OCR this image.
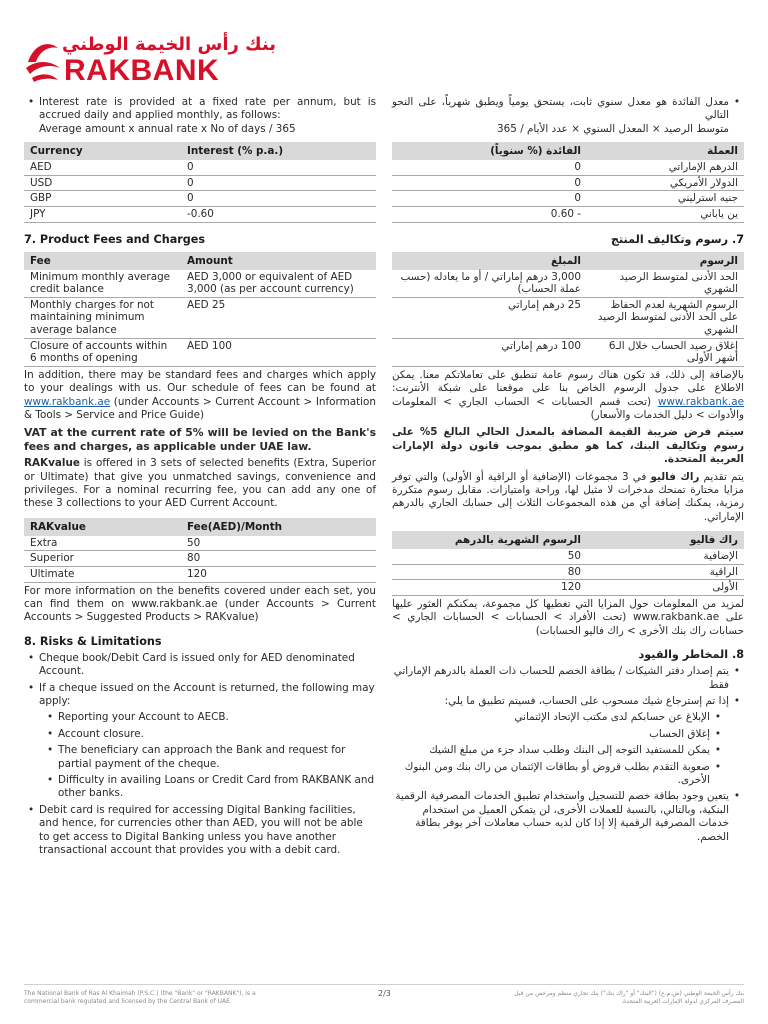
بنك رأس الخيمة الوطني
RAKBANK
• Interest rate is provided at a fixed rate per annum, but is accrued daily and applied monthly, as follows:
Average amount x annual rate x No of days / 365
Currency	Interest (% p.a.)
AED	0
USD	0
GBP	0
JPY	-0.60
7. Product Fees and Charges
Fee	Amount
Minimum monthly average credit balance	AED 3,000 or equivalent of AED 3,000 (as per account currency)
Monthly charges for not maintaining minimum average balance	AED 25
Closure of accounts within 6 months of opening	AED 100

In addition, there may be standard fees and charges which apply to your dealings with us. Our schedule of fees can be found at www.rakbank.ae (under Accounts > Current Account > Information & Tools > Service and Price Guide)

VAT at the current rate of 5% will be levied on the Bank's fees and charges, as applicable under UAE law.

RAKvalue is offered in 3 sets of selected benefits (Extra, Superior or Ultimate) that give you unmatched savings, convenience and privileges. For a nominal recurring fee, you can add any one of these 3 collections to your AED Current Account.

RAKvalue	Fee(AED)/Month
Extra	50
Superior	80
Ultimate	120

For more information on the benefits covered under each set, you can find them on www.rakbank.ae (under Accounts > Current Accounts > Suggested Products > RAKvalue)

8. Risks & Limitations
• Cheque book/Debit Card is issued only for AED denominated Account.
• If a cheque issued on the Account is returned, the following may apply:
• Reporting your Account to AECB.
• Account closure.
• The beneficiary can approach the Bank and request for partial payment of the cheque.
• Difficulty in availing Loans or Credit Card from RAKBANK and other banks.
• Debit card is required for accessing Digital Banking facilities, and hence, for currencies other than AED, you will not be able to get access to Digital Banking unless you have another transactional account that provides you with a debit card.
• معدل الفائدة هو معدل سنوي ثابت، يستحق يومياً ويطبق شهرياً، على النحو التالي
متوسط الرصيد × المعدل السنوي × عدد الأيام / 365
العملة	الفائدة (% سنوياً)
الدرهم الإماراتي	0
الدولار الأمريكي	0
جنيه استرليني	0
ين ياباني	- 0.60
7. رسوم وتكاليف المنتج
الرسوم	المبلغ
الحد الأدنى لمتوسط الرصيد الشهري	3,000 درهم إماراتي / أو ما يعادله (حسب عملة الحساب)
الرسوم الشهرية لعدم الحفاظ على الحد الأدنى لمتوسط الرصيد الشهري	25 درهم إماراتي
إغلاق رصيد الحساب خلال الـ6 أشهر الأولى	100 درهم إماراتي

بالإضافة إلى ذلك، قد تكون هناك رسوم عامة تنطبق على تعاملاتكم معنا. يمكن الاطلاع على جدول الرسوم الخاص بنا على موقعنا على شبكة الأنترنت: www.rakbank.ae (تحت قسم الحسابات > الحساب الجاري > المعلومات والأدوات > دليل الخدمات والأسعار)

سيتم فرض ضريبة القيمة المضافة بالمعدل الحالي البالغ 5% على رسوم وتكاليف البنك، كما هو مطبق بموجب قانون دولة الإمارات العربية المتحدة.

يتم تقديم راك فاليو في 3 مجموعات (الإضافية أو الراقية أو الأولى) والتي توفر مزايا مختارة تمنحك مدخرات لا مثيل لها، وراحة وامتيازات. مقابل رسوم متكررة رمزية، يمكنك إضافة أي من هذه المجموعات الثلاث إلى حسابك الجاري بالدرهم الإماراتي.

راك فاليو	الرسوم الشهرية بالدرهم
الإضافية	50
الراقية	80
الأولى	120

لمزيد من المعلومات حول المزايا التي تغطيها كل مجموعة، يمكنكم العثور عليها على www.rakbank.ae (تحت الأفراد > الحسابات > الحسابات الجاري > حسابات راك بنك الأخرى > راك فاليو الحسابات)

8. المخاطر والقيود
• يتم إصدار دفتر الشيكات / بطاقة الخصم للحساب ذات العملة بالدرهم الإماراتي فقط
• إذا تم إسترجاع شيك مسحوب على الحساب، فسيتم تطبيق ما يلي:
• الإبلاغ عن حسابكم لدى مكتب الإتحاد الإئتماني
• إغلاق الحساب
• يمكن للمستفيد التوجه إلى البنك وطلب سداد جزء من مبلغ الشيك
• صعوبة التقدم بطلب قروض أو بطاقات الإئتمان من راك بنك ومن البنوك الأخرى.
• يتعين وجود بطاقة خصم للتسجيل واستخدام تطبيق الخدمات المصرفية الرقمية البنكية، وبالتالي، بالنسبة للعملات الأخرى، لن يتمكن العميل من استخدام خدمات المصرفية الرقمية إلا إذا كان لديه حساب معاملات آخر يوفر بطاقة الخصم.
The National Bank of Ras Al Khaimah (P.S.C.) (the "Bank" or "RAKBANK"), is a commercial bank regulated and licensed by the Central Bank of UAE.
2/3	بنك رأس الخيمة الوطني (ش.م.ع) ("البنك" أو "راك بنك") بنك تجاري منظم ومرخص من قبل المصرف المركزي لدولة الإمارات العربية المتحدة.
